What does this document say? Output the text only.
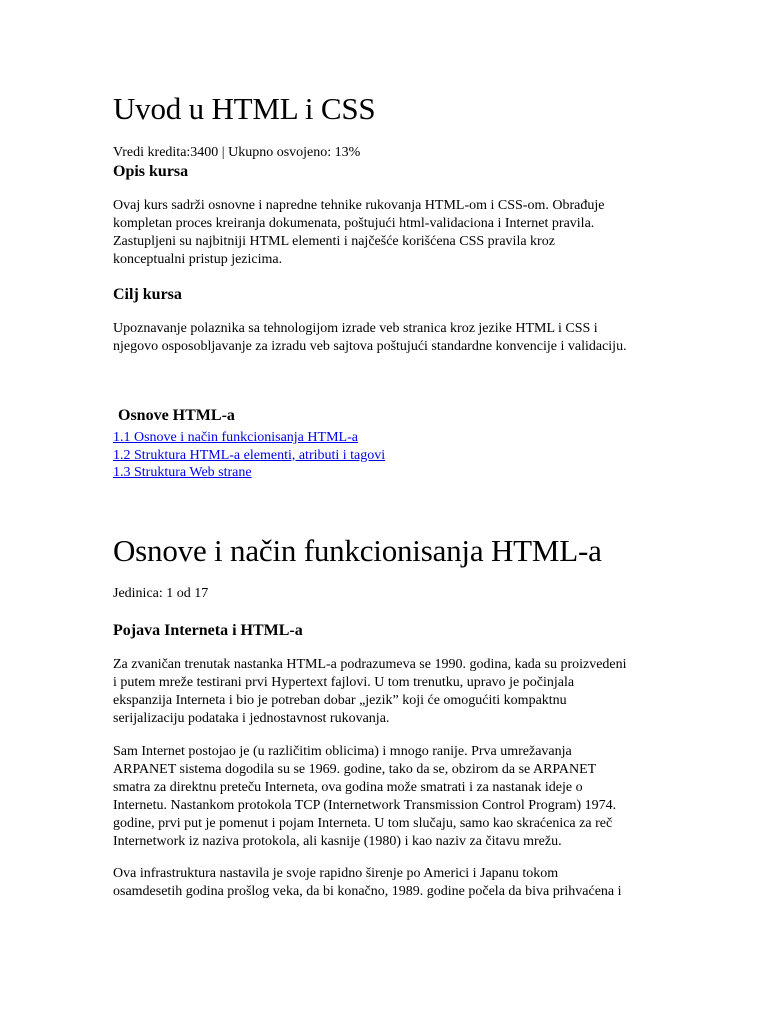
Uvod u HTML i CSS
Vredi kredita:3400 | Ukupno osvojeno: 13%
Opis kursa
Ovaj kurs sadrži osnovne i napredne tehnike rukovanja HTML-om i CSS-om. Obrađuje
kompletan proces kreiranja dokumenata, poštujući html-validaciona i Internet pravila.
Zastupljeni su najbitniji HTML elementi i najčešće korišćena CSS pravila kroz
konceptualni pristup jezicima.
Cilj kursa
Upoznavanje polaznika sa tehnologijom izrade veb stranica kroz jezike HTML i CSS i
njegovo osposobljavanje za izradu veb sajtova poštujući standardne konvencije i validaciju.
Osnove HTML-a
1.1 Osnove i način funkcionisanja HTML-a
1.2 Struktura HTML-a elementi, atributi i tagovi
1.3 Struktura Web strane
Osnove i način funkcionisanja HTML-a
Jedinica: 1 od 17
Pojava Interneta i HTML-a
Za zvaničan trenutak nastanka HTML-a podrazumeva se 1990. godina, kada su proizvedeni
i putem mreže testirani prvi Hypertext fajlovi. U tom trenutku, upravo je počinjala
ekspanzija Interneta i bio je potreban dobar „jezik” koji će omogućiti kompaktnu
serijalizaciju podataka i jednostavnost rukovanja.
Sam Internet postojao je (u različitim oblicima) i mnogo ranije. Prva umrežavanja
ARPANET sistema dogodila su se 1969. godine, tako da se, obzirom da se ARPANET
smatra za direktnu preteču Interneta, ova godina može smatrati i za nastanak ideje o
Internetu. Nastankom protokola TCP (Internetwork Transmission Control Program) 1974.
godine, prvi put je pomenut i pojam Interneta. U tom slučaju, samo kao skraćenica za reč
Internetwork iz naziva protokola, ali kasnije (1980) i kao naziv za čitavu mrežu.
Ova infrastruktura nastavila je svoje rapidno širenje po Americi i Japanu tokom
osamdesetih godina prošlog veka, da bi konačno, 1989. godine počela da biva prihvaćena i
